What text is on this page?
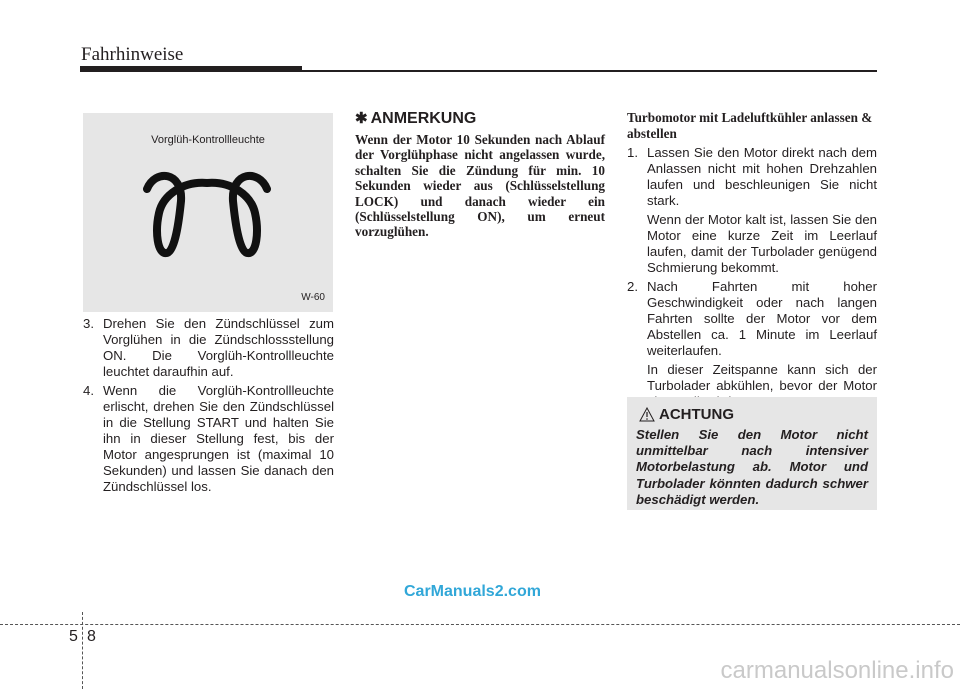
Fahrhinweise
Vorglüh-Kontrollleuchte
W-60
3. Drehen Sie den Zündschlüssel zum Vorglühen in die Zündschlossstellung ON. Die Vorglüh-Kontrollleuchte leuchtet daraufhin auf.

4. Wenn die Vorglüh-Kontrollleuchte erlischt, drehen Sie den Zündschlüssel in die Stellung START und halten Sie ihn in dieser Stellung fest, bis der Motor angesprungen ist (maximal 10 Sekunden) und lassen Sie danach den Zündschlüssel los.

✱ ANMERKUNG
Wenn der Motor 10 Sekunden nach Ablauf der Vorglühphase nicht angelassen wurde, schalten Sie die Zündung für min. 10 Sekunden wieder aus (Schlüsselstellung LOCK) und danach wieder ein (Schlüsselstellung ON), um erneut vorzuglühen.
Turbomotor mit Ladeluftkühler anlassen & abstellen
1. Lassen Sie den Motor direkt nach dem Anlassen nicht mit hohen Drehzahlen laufen und beschleunigen Sie nicht stark.

Wenn der Motor kalt ist, lassen Sie den Motor eine kurze Zeit im Leerlauf laufen, damit der Turbolader genügend Schmierung bekommt.

2. Nach Fahrten mit hoher Geschwindigkeit oder nach langen Fahrten sollte der Motor vor dem Abstellen ca. 1 Minute im Leerlauf weiterlaufen.

In dieser Zeitspanne kann sich der Turbolader abkühlen, bevor der Motor

ACHTUNG
Stellen Sie den Motor nicht unmittelbar nach intensiver Motorbelastung ab. Motor und Turbolader könnten dadurch schwer beschädigt werden.
CarManuals2.com
5 8
carmanualsonline.info
